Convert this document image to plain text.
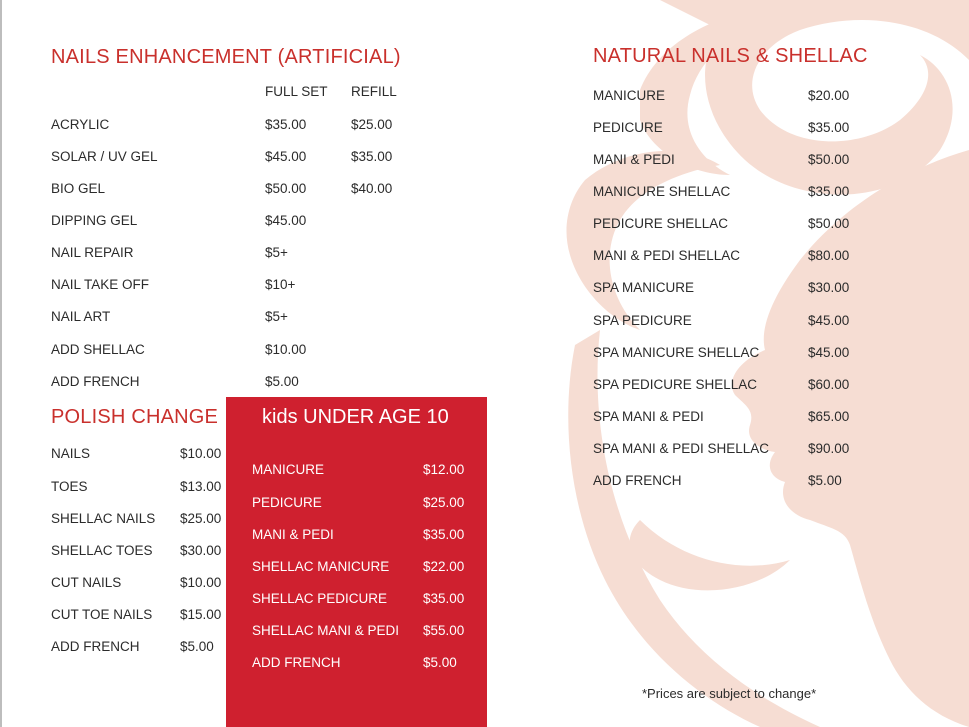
NAILS ENHANCEMENT (ARTIFICIAL)
FULL SET REFILL
ACRYLIC	$35.00	$25.00
SOLAR / UV GEL	$45.00	$35.00
BIO GEL	$50.00	$40.00
DIPPING GEL	$45.00
NAIL REPAIR	$5+
NAIL TAKE OFF	$10+
NAIL ART	$5+
ADD SHELLAC	$10.00
ADD FRENCH	$5.00
POLISH CHANGE
NAILS	$10.00
TOES	$13.00
SHELLAC NAILS $25.00
SHELLAC TOES $30.00
CUT NAILS	$10.00
CUT TOE NAILS $15.00
ADD FRENCH	$5.00
kids UNDER AGE 10
MANICURE	$12.00
PEDICURE	$25.00
MANI & PEDI	$35.00
SHELLAC MANICURE $22.00
SHELLAC PEDICURE	$35.00
SHELLAC MANI & PEDI $55.00
ADD FRENCH	$5.00
NATURAL NAILS & SHELLAC
MANICURE	$20.00
PEDICURE	$35.00
MANI & PEDI	$50.00
MANICURE SHELLAC	$35.00
PEDICURE SHELLAC	$50.00
MANI & PEDI SHELLAC	$80.00
SPA MANICURE	$30.00
SPA PEDICURE	$45.00
SPA MANICURE SHELLAC	$45.00
SPA PEDICURE SHELLAC	$60.00
SPA MANI & PEDI	$65.00
SPA MANI & PEDI SHELLAC	$90.00
ADD FRENCH	$5.00
*Prices are subject to change*
